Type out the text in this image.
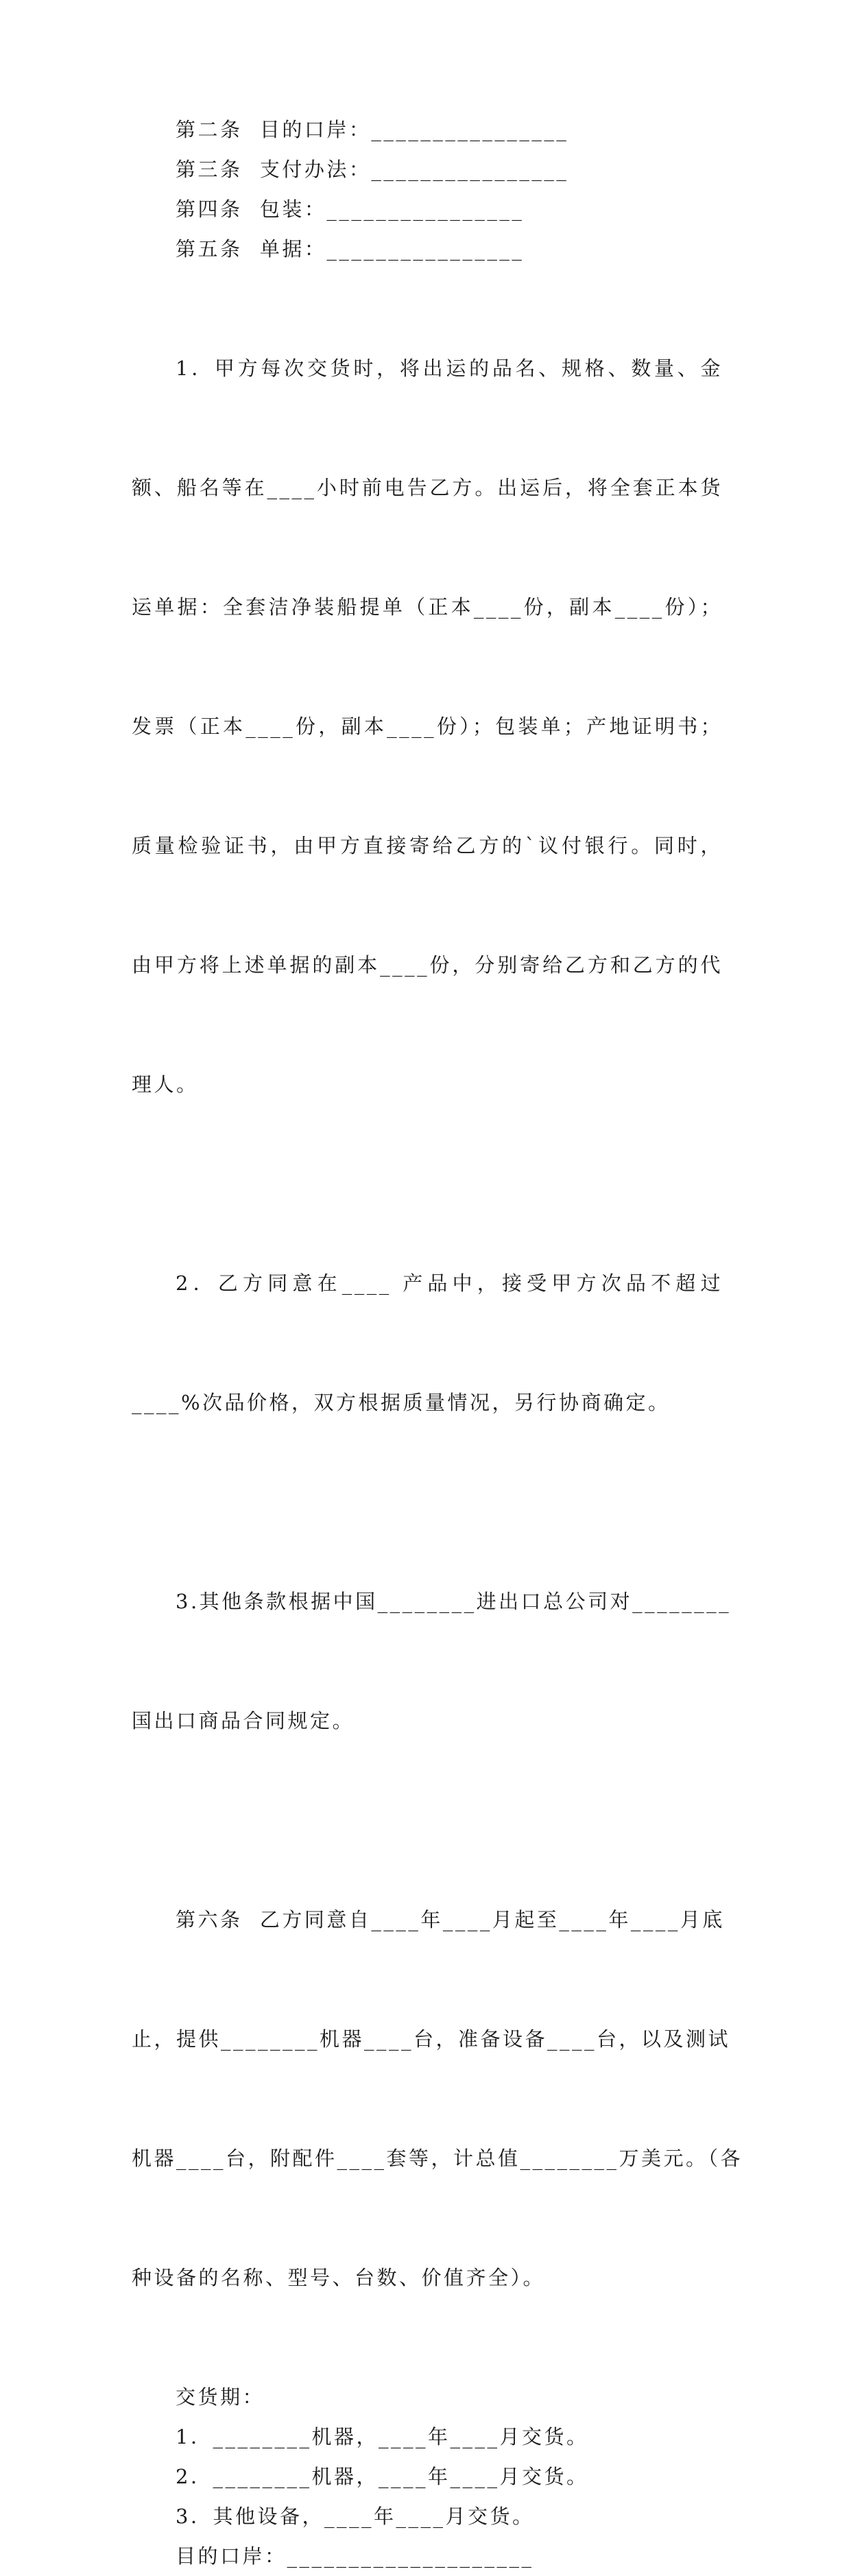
第二条  目的口岸：________________

第三条  支付办法：________________

第四条  包装：________________

第五条  单据：________________

1．甲方每次交货时，将出运的品名、规格、数量、金

额、船名等在____小时前电告乙方。出运后，将全套正本货

运单据：全套洁净装船提单（正本____份，副本____份）；

发票（正本____份，副本____份）；包装单；产地证明书；

质量检验证书，由甲方直接寄给乙方的`议付银行。同时，

由甲方将上述单据的副本____份，分别寄给乙方和乙方的代

理人。

2．乙方同意在____ 产品中，接受甲方次品不超过

____%次品价格，双方根据质量情况，另行协商确定。

3.其他条款根据中国________进出口总公司对________

国出口商品合同规定。

第六条  乙方同意自____年____月起至____年____月底

止，提供________机器____台，准备设备____台，以及测试

机器____台，附配件____套等，计总值________万美元。（各

种设备的名称、型号、台数、价值齐全）。

交货期：

1．________机器，____年____月交货。

2．________机器，____年____月交货。

3．其他设备，____年____月交货。

目的口岸：____________________
